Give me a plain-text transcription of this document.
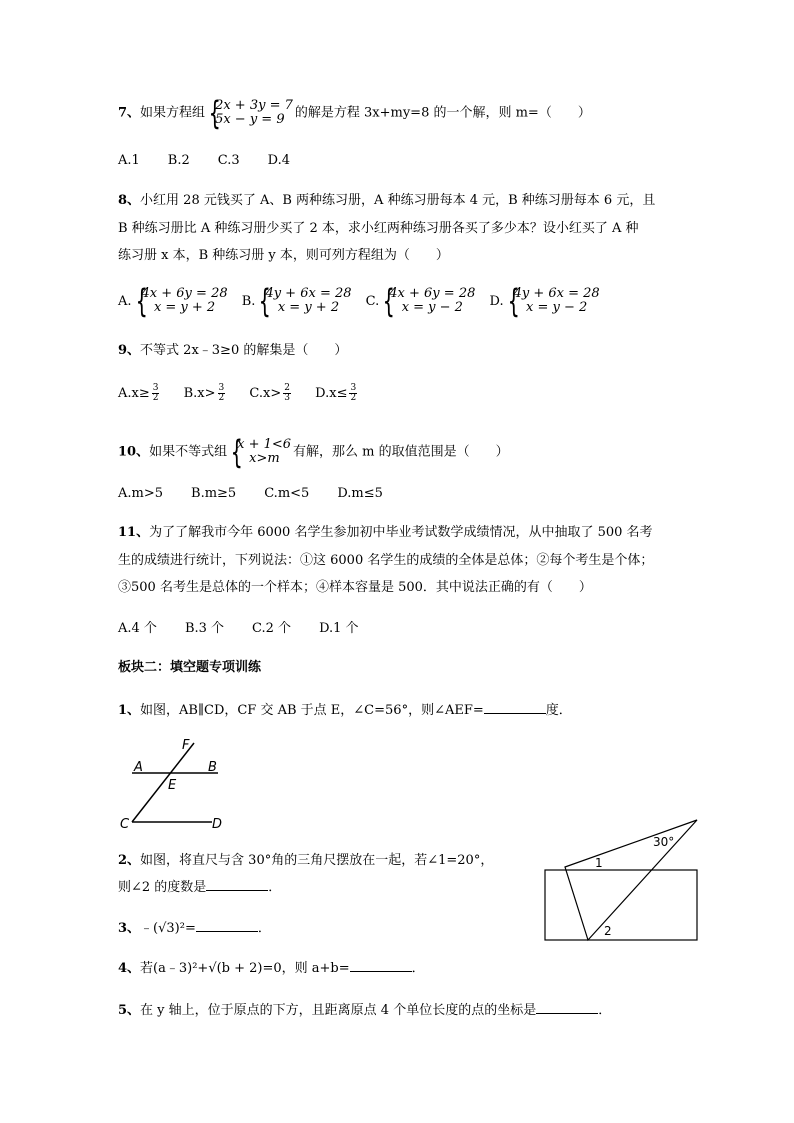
7、如果方程组 {
2x + 3y = 7
5x − y = 9 的解是方程 3x+my=8 的一个解，则 m=（　　）
A.1 B.2 C.3 D.4
8、小红用 28 元钱买了 A、B 两种练习册，A 种练习册每本 4 元，B 种练习册每本 6 元，且
B 种练习册比 A 种练习册少买了 2 本，求小红两种练习册各买了多少本？设小红买了 A 种
练习册 x 本，B 种练习册 y 本，则可列方程组为（　　）
A. {
4x + 6y = 28
x = y + 2 B. {
4y + 6x = 28
x = y + 2 C. {
4x + 6y = 28
x = y − 2 D. {
4y + 6x = 28
x = y − 2
9、不等式 2x﹣3≥0 的解集是（　　）
$A.x\ge \frac{3}{2} B.x> \frac{3}{2} C.x> \frac{2}{3} D.x\le \frac{3}{2}$
10、如果不等式组 {
x + 1<6
x>m	有解，那么 m 的取值范围是（　　）
A.m>5 B.m≥5 C.m<5 D.m≤5
11、为了了解我市今年 6000 名学生参加初中毕业考试数学成绩情况，从中抽取了 500 名考
生的成绩进行统计，下列说法：①这 6000 名学生的成绩的全体是总体；②每个考生是个体；
③500 名考生是总体的一个样本；④样本容量是 500．其中说法正确的有（　　）
A.4 个 B.3 个 C.2 个 D.1 个
板块二：填空题专项训练
1、如图，AB∥CD，CF 交 AB 于点 E，∠C=56°，则∠AEF=	度．
F
A	B
E
C	D
2、如图，将直尺与含 30°角的三角尺摆放在一起，若∠1=20°，
则∠2 的度数是	．
30°
1
2
3、﹣(√3)²=	．
4、若(a﹣3)²+√(b + 2)=0，则 a+b=	．
5、在 y 轴上，位于原点的下方，且距离原点 4 个单位长度的点的坐标是	．
